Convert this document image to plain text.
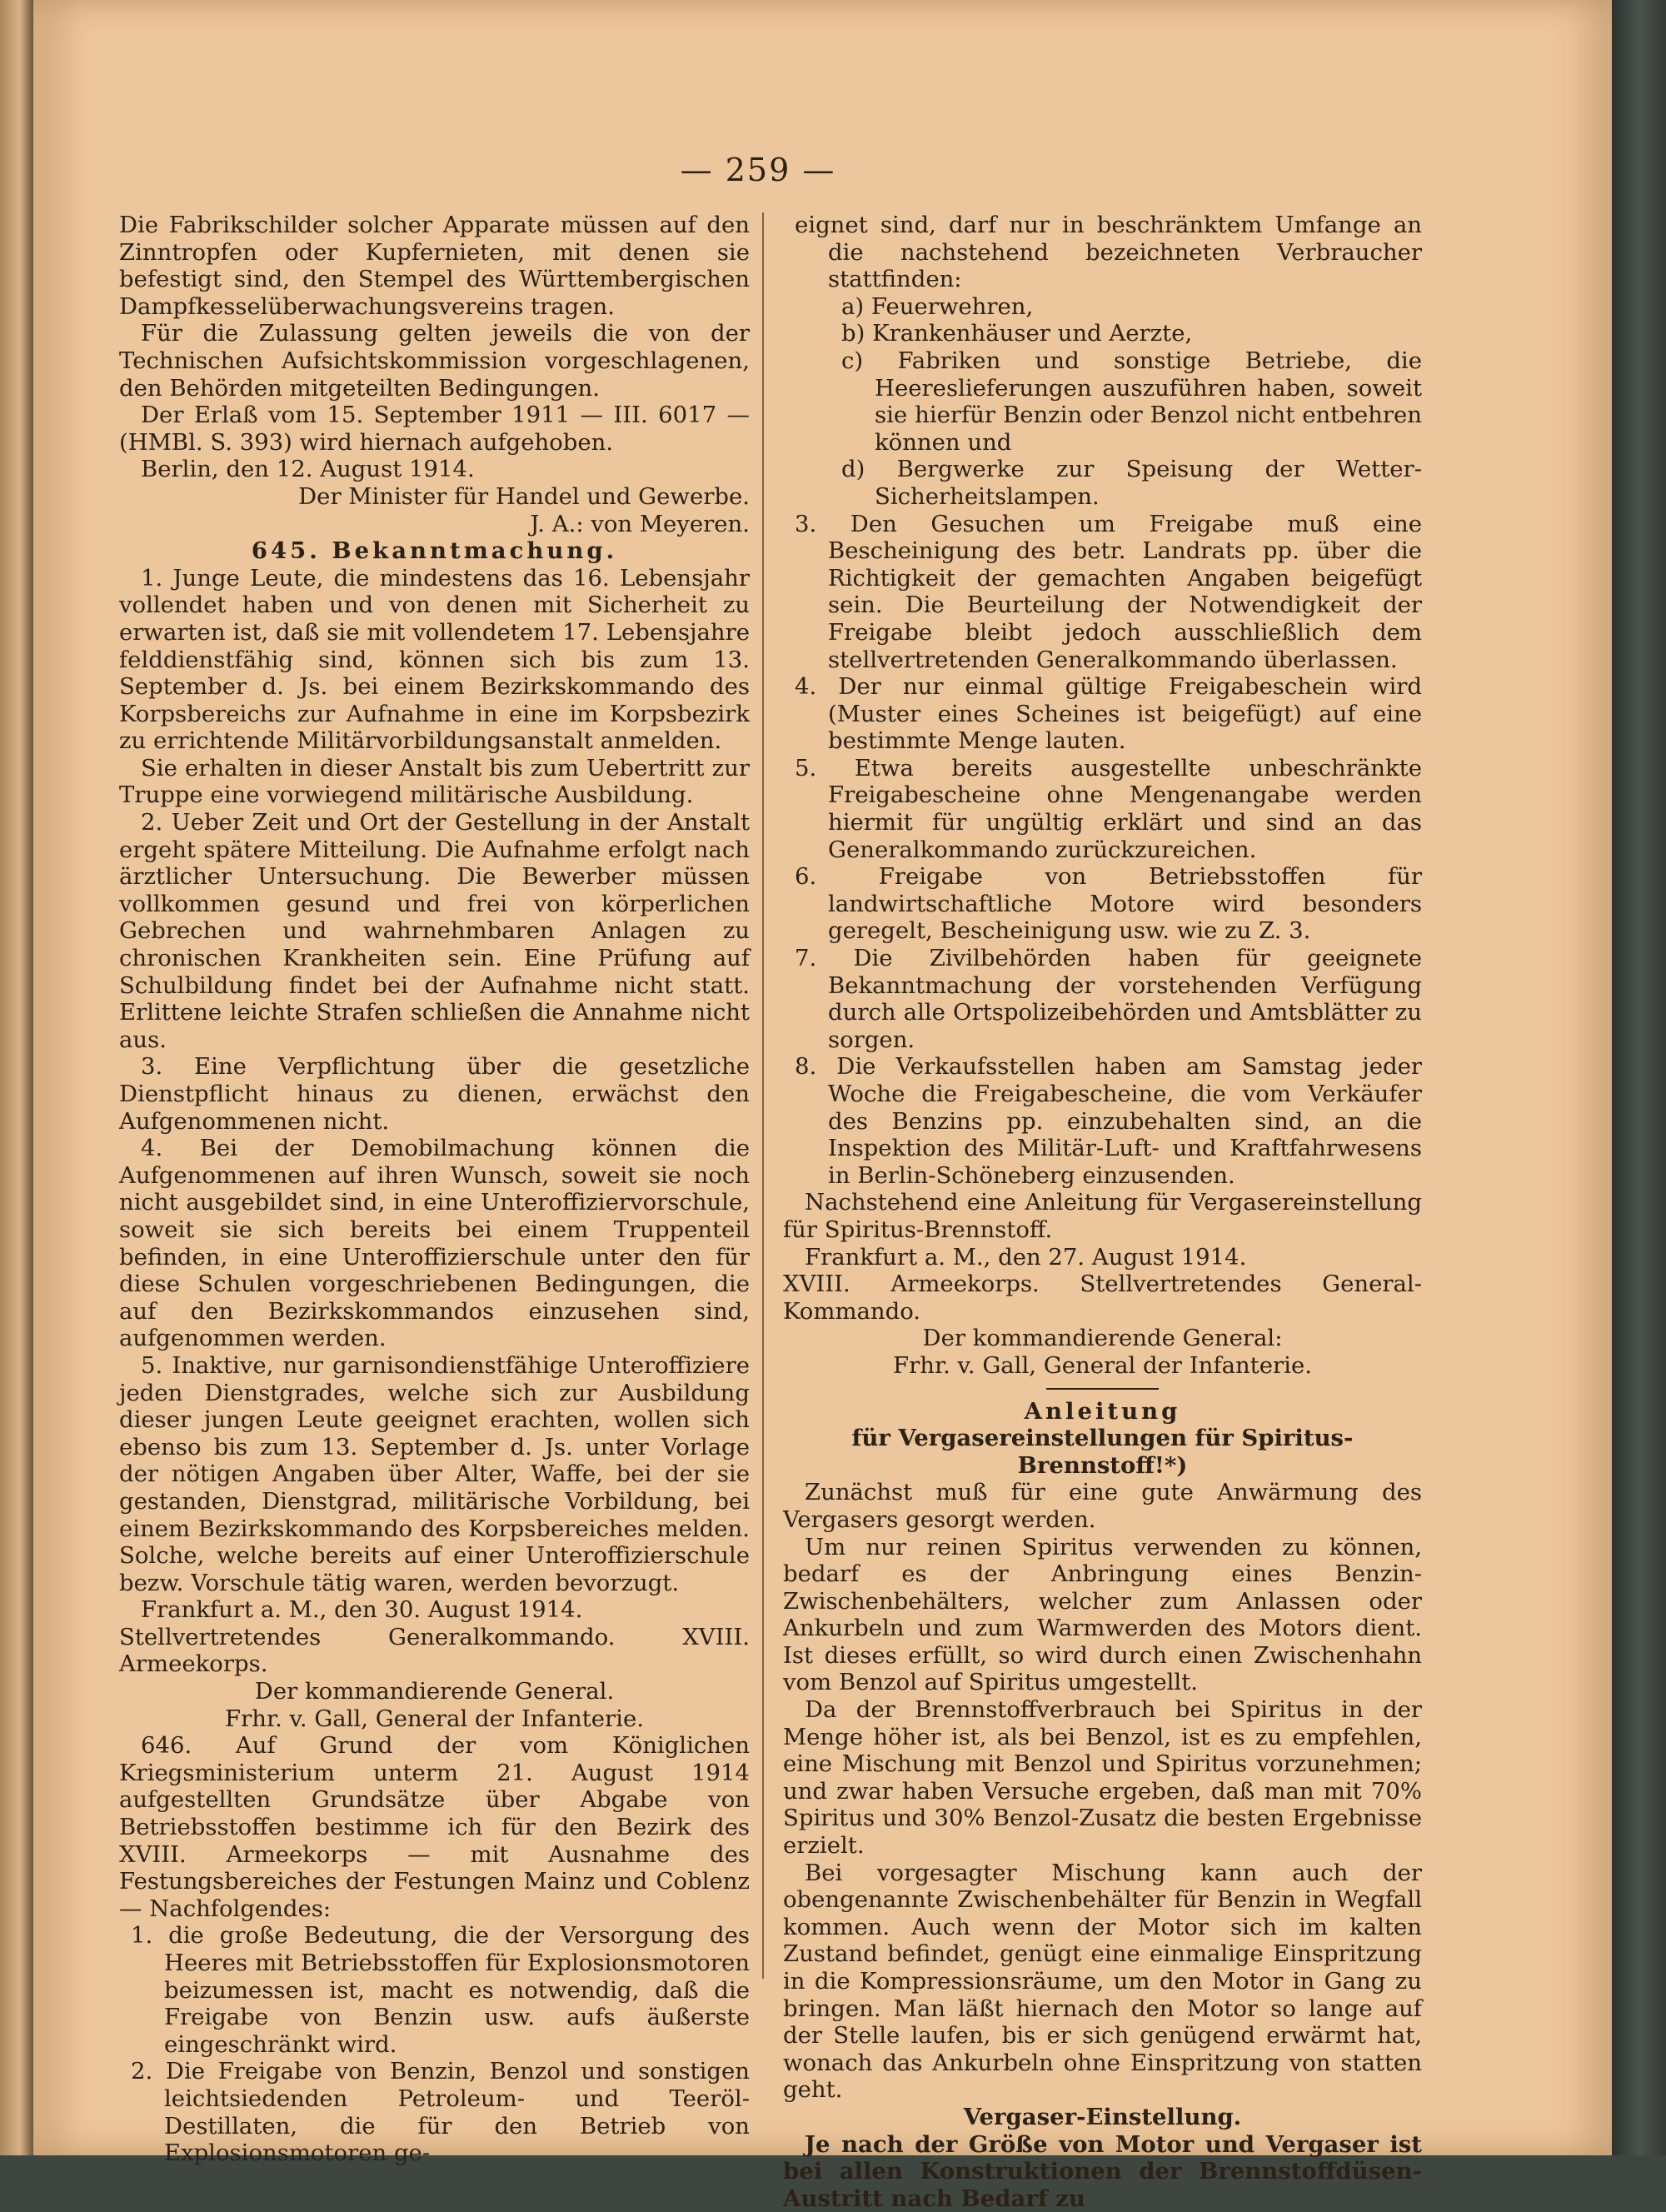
— 259 —

Die Fabrikschilder solcher Apparate müssen auf den Zinntropfen oder Kupfernieten, mit denen sie befestigt sind, den Stempel des Württembergischen Dampfkesselüberwachungsvereins tragen.

Für die Zulassung gelten jeweils die von der Technischen Aufsichtskommission vorgeschlagenen, den Behörden mitgeteilten Bedingungen.

Der Erlaß vom 15. September 1911 — III. 6017 — (HMBl. S. 393) wird hiernach aufgehoben.

Berlin, den 12. August 1914.

Der Minister für Handel und Gewerbe.

J. A.: von Meyeren.

645. Bekanntmachung.

1. Junge Leute, die mindestens das 16. Lebensjahr vollendet haben und von denen mit Sicherheit zu erwarten ist, daß sie mit vollendetem 17. Lebensjahre felddienstfähig sind, können sich bis zum 13. September d. Js. bei einem Bezirkskommando des Korpsbereichs zur Aufnahme in eine im Korpsbezirk zu errichtende Militärvorbildungsanstalt anmelden.

Sie erhalten in dieser Anstalt bis zum Uebertritt zur Truppe eine vorwiegend militärische Ausbildung.

2. Ueber Zeit und Ort der Gestellung in der Anstalt ergeht spätere Mitteilung. Die Aufnahme erfolgt nach ärztlicher Untersuchung. Die Bewerber müssen vollkommen gesund und frei von körperlichen Gebrechen und wahrnehmbaren Anlagen zu chronischen Krankheiten sein. Eine Prüfung auf Schulbildung findet bei der Aufnahme nicht statt. Erlittene leichte Strafen schließen die Annahme nicht aus.

3. Eine Verpflichtung über die gesetzliche Dienstpflicht hinaus zu dienen, erwächst den Aufgenommenen nicht.

4. Bei der Demobilmachung können die Aufgenommenen auf ihren Wunsch, soweit sie noch nicht ausgebildet sind, in eine Unteroffiziervorschule, soweit sie sich bereits bei einem Truppenteil befinden, in eine Unteroffizierschule unter den für diese Schulen vorgeschriebenen Bedingungen, die auf den Bezirkskommandos einzusehen sind, aufgenommen werden.

5. Inaktive, nur garnisondienstfähige Unteroffiziere jeden Dienstgrades, welche sich zur Ausbildung dieser jungen Leute geeignet erachten, wollen sich ebenso bis zum 13. September d. Js. unter Vorlage der nötigen Angaben über Alter, Waffe, bei der sie gestanden, Dienstgrad, militärische Vorbildung, bei einem Bezirkskommando des Korpsbereiches melden. Solche, welche bereits auf einer Unteroffizierschule bezw. Vorschule tätig waren, werden bevorzugt.

Frankfurt a. M., den 30. August 1914.

Stellvertretendes Generalkommando. XVIII. Armeekorps.

Der kommandierende General.

Frhr. v. Gall, General der Infanterie.

646. Auf Grund der vom Königlichen Kriegsministerium unterm 21. August 1914 aufgestellten Grundsätze über Abgabe von Betriebsstoffen bestimme ich für den Bezirk des XVIII. Armeekorps — mit Ausnahme des Festungsbereiches der Festungen Mainz und Coblenz — Nachfolgendes:

1. die große Bedeutung, die der Versorgung des Heeres mit Betriebsstoffen für Explosionsmotoren beizumessen ist, macht es notwendig, daß die Freigabe von Benzin usw. aufs äußerste eingeschränkt wird.

2. Die Freigabe von Benzin, Benzol und sonstigen leichtsiedenden Petroleum- und Teeröl-Destillaten, die für den Betrieb von Explosionsmotoren ge-

eignet sind, darf nur in beschränktem Umfange an die nachstehend bezeichneten Verbraucher stattfinden:

a) Feuerwehren,

b) Krankenhäuser und Aerzte,

c) Fabriken und sonstige Betriebe, die Heereslieferungen auszuführen haben, soweit sie hierfür Benzin oder Benzol nicht entbehren können und

d) Bergwerke zur Speisung der Wetter-Sicherheitslampen.

3. Den Gesuchen um Freigabe muß eine Bescheinigung des betr. Landrats pp. über die Richtigkeit der gemachten Angaben beigefügt sein. Die Beurteilung der Notwendigkeit der Freigabe bleibt jedoch ausschließlich dem stellvertretenden Generalkommando überlassen.

4. Der nur einmal gültige Freigabeschein wird (Muster eines Scheines ist beigefügt) auf eine bestimmte Menge lauten.

5. Etwa bereits ausgestellte unbeschränkte Freigabescheine ohne Mengenangabe werden hiermit für ungültig erklärt und sind an das Generalkommando zurückzureichen.

6. Freigabe von Betriebsstoffen für landwirtschaftliche Motore wird besonders geregelt, Bescheinigung usw. wie zu Z. 3.

7. Die Zivilbehörden haben für geeignete Bekanntmachung der vorstehenden Verfügung durch alle Ortspolizeibehörden und Amtsblätter zu sorgen.

8. Die Verkaufsstellen haben am Samstag jeder Woche die Freigabescheine, die vom Verkäufer des Benzins pp. einzubehalten sind, an die Inspektion des Militär-Luft- und Kraftfahrwesens in Berlin-Schöneberg einzusenden.

Nachstehend eine Anleitung für Vergasereinstellung für Spiritus-Brennstoff.

Frankfurt a. M., den 27. August 1914.

XVIII. Armeekorps. Stellvertretendes General-Kommando.

Der kommandierende General:

Frhr. v. Gall, General der Infanterie.

Anleitung

für Vergasereinstellungen für Spiritus-Brennstoff!*)

Zunächst muß für eine gute Anwärmung des Vergasers gesorgt werden.

Um nur reinen Spiritus verwenden zu können, bedarf es der Anbringung eines Benzin-Zwischenbehälters, welcher zum Anlassen oder Ankurbeln und zum Warmwerden des Motors dient. Ist dieses erfüllt, so wird durch einen Zwischenhahn vom Benzol auf Spiritus umgestellt.

Da der Brennstoffverbrauch bei Spiritus in der Menge höher ist, als bei Benzol, ist es zu empfehlen, eine Mischung mit Benzol und Spiritus vorzunehmen; und zwar haben Versuche ergeben, daß man mit 70% Spiritus und 30% Benzol-Zusatz die besten Ergebnisse erzielt.

Bei vorgesagter Mischung kann auch der obengenannte Zwischenbehälter für Benzin in Wegfall kommen. Auch wenn der Motor sich im kalten Zustand befindet, genügt eine einmalige Einspritzung in die Kompressionsräume, um den Motor in Gang zu bringen. Man läßt hiernach den Motor so lange auf der Stelle laufen, bis er sich genügend erwärmt hat, wonach das Ankurbeln ohne Einspritzung von statten geht.

Vergaser-Einstellung.

Je nach der Größe von Motor und Vergaser ist bei allen Konstruktionen der Brennstoffdüsen-Austritt nach Bedarf zu
